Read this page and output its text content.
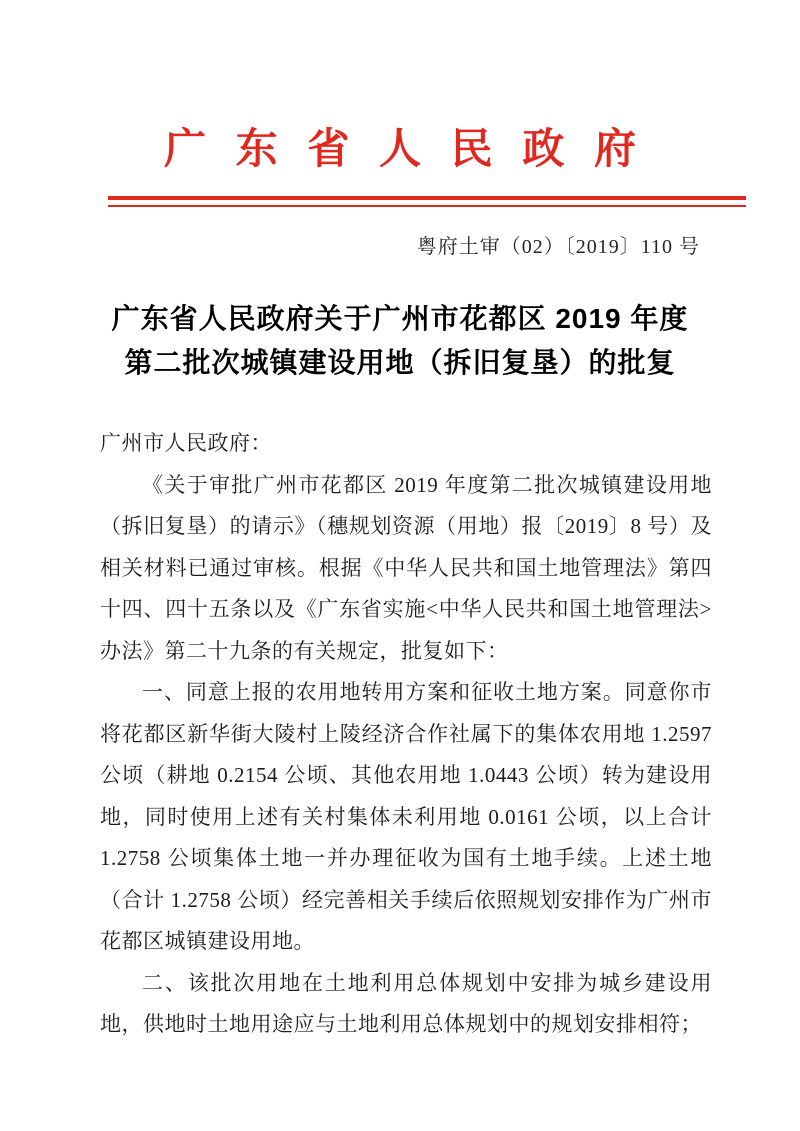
广 东 省 人 民 政 府
粤府土审（02）〔2019〕110 号
广东省人民政府关于广州市花都区 2019 年度
第二批次城镇建设用地（拆旧复垦）的批复

广州市人民政府：

《关于审批广州市花都区 2019 年度第二批次城镇建设用地（拆旧复垦）的请示》（穗规划资源（用地）报〔2019〕8 号）及相关材料已通过审核。根据《中华人民共和国土地管理法》第四十四、四十五条以及《广东省实施<中华人民共和国土地管理法>办法》第二十九条的有关规定，批复如下：

一、同意上报的农用地转用方案和征收土地方案。同意你市将花都区新华街大陵村上陵经济合作社属下的集体农用地 1.2597 公顷（耕地 0.2154 公顷、其他农用地 1.0443 公顷）转为建设用地，同时使用上述有关村集体未利用地 0.0161 公顷，以上合计 1.2758 公顷集体土地一并办理征收为国有土地手续。上述土地（合计 1.2758 公顷）经完善相关手续后依照规划安排作为广州市花都区城镇建设用地。

二、该批次用地在土地利用总体规划中安排为城乡建设用地，供地时土地用途应与土地利用总体规划中的规划安排相符；
